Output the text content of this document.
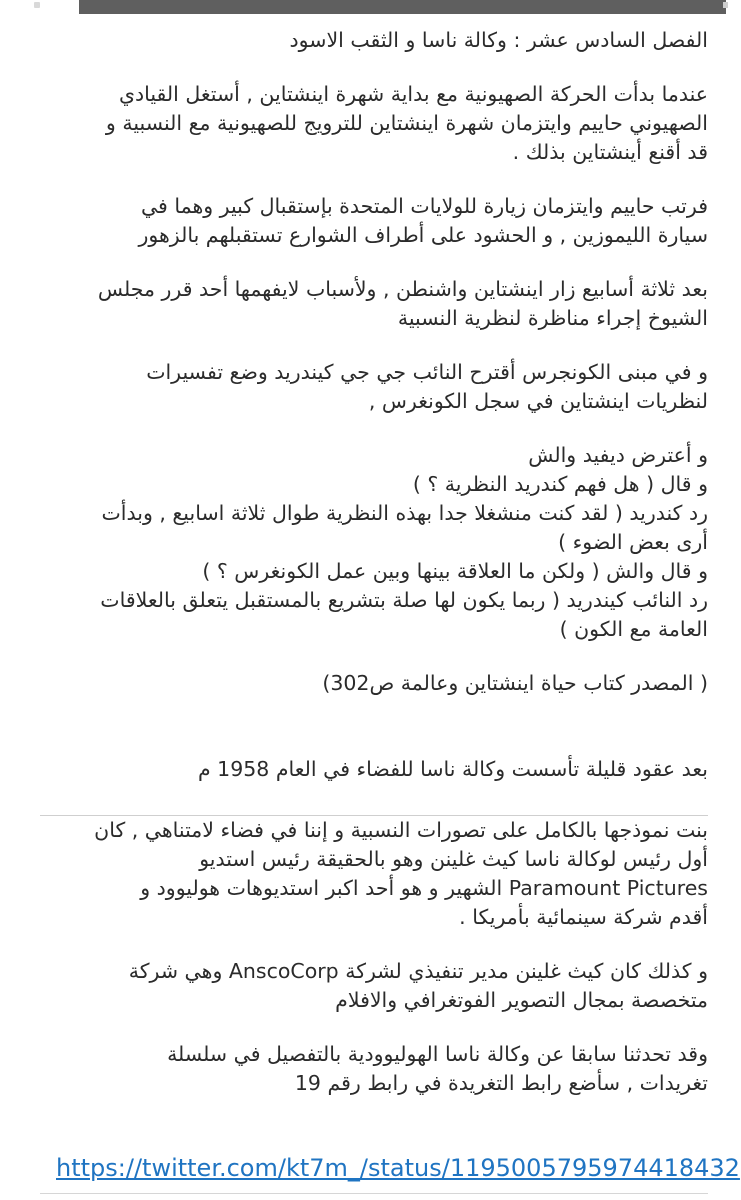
الفصل السادس عشر : وكالة ناسا و الثقب الاسود
عندما بدأت الحركة الصهيونية مع بداية شهرة اينشتاين , أستغل القيادي
الصهيوني حاييم وايتزمان شهرة اينشتاين للترويج للصهيونية مع النسبية و
قد أقنع أينشتاين بذلك .
فرتب حاييم وايتزمان زيارة للولايات المتحدة بإستقبال كبير وهما في
سيارة الليموزين , و الحشود على أطراف الشوارع تستقبلهم بالزهور
بعد ثلاثة أسابيع زار اينشتاين واشنطن , ولأسباب لايفهمها أحد قرر مجلس
الشيوخ إجراء مناظرة لنظرية النسبية
و في مبنى الكونجرس أقترح النائب جي جي كيندريد وضع تفسيرات
لنظريات اينشتاين في سجل الكونغرس ,
و أعترض ديفيد والش
و قال ( هل فهم كندريد النظرية ؟ )
رد كندريد ( لقد كنت منشغلا جدا بهذه النظرية طوال ثلاثة اسابيع , وبدأت
أرى بعض الضوء )
و قال والش ( ولكن ما العلاقة بينها وبين عمل الكونغرس ؟ )
رد النائب كيندريد ( ربما يكون لها صلة بتشريع بالمستقبل يتعلق بالعلاقات
العامة مع الكون )
( المصدر كتاب حياة اينشتاين وعالمة ص302)
بعد عقود قليلة تأسست وكالة ناسا للفضاء في العام 1958 م
بنت نموذجها بالكامل على تصورات النسبية و إننا في فضاء لامتناهي , كان
أول رئيس لوكالة ناسا كيث غلينن وهو بالحقيقة رئيس استديو
Paramount Pictures الشهير و هو أحد اكبر استديوهات هوليوود و
أقدم شركة سينمائية بأمريكا .
و كذلك كان كيث غلينن مدير تنفيذي لشركة AnscoCorp وهي شركة
متخصصة بمجال التصوير الفوتغرافي والافلام
وقد تحدثنا سابقا عن وكالة ناسا الهوليوودية بالتفصيل في سلسلة
تغريدات , سأضع رابط التغريدة في رابط رقم 19
https://twitter.com/kt7m_/status/1195005795974418432
